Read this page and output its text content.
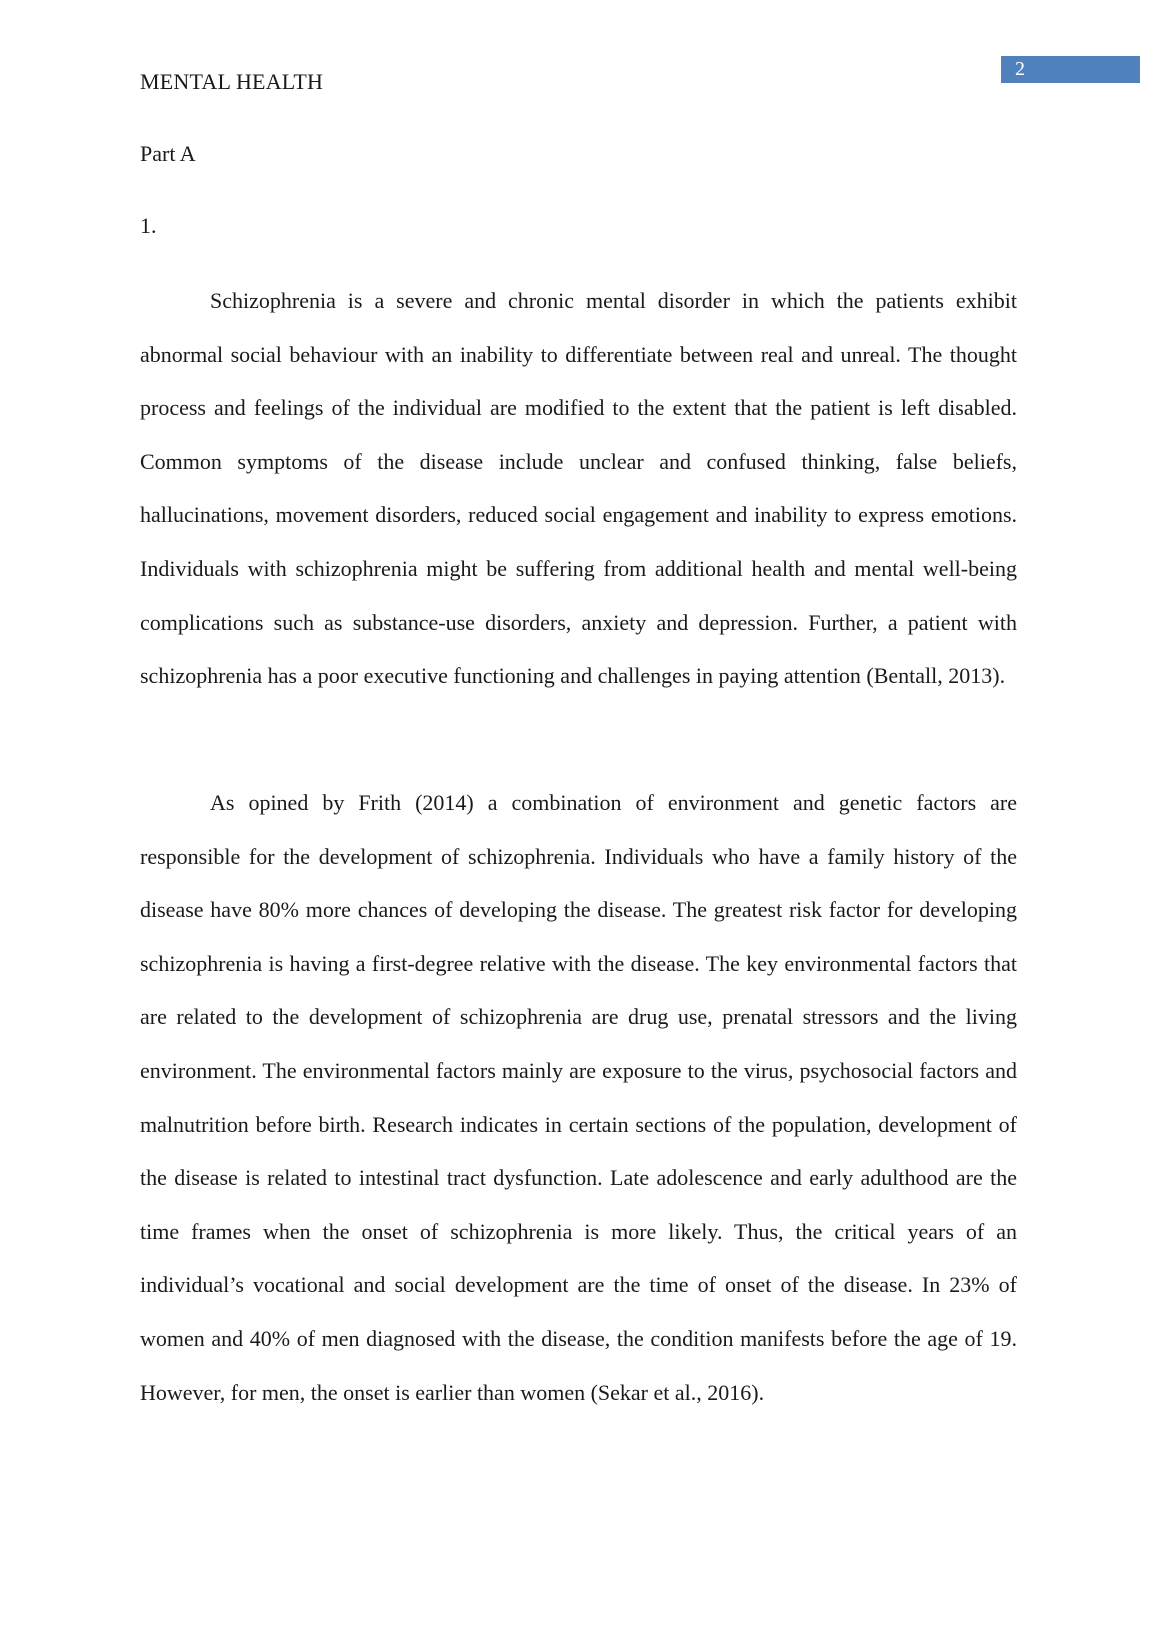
2
MENTAL HEALTH
Part A
1.

Schizophrenia is a severe and chronic mental disorder in which the patients exhibit abnormal social behaviour with an inability to differentiate between real and unreal. The thought process and feelings of the individual are modified to the extent that the patient is left disabled. Common symptoms of the disease include unclear and confused thinking, false beliefs, hallucinations, movement disorders, reduced social engagement and inability to express emotions. Individuals with schizophrenia might be suffering from additional health and mental well-being complications such as substance-use disorders, anxiety and depression. Further, a patient with schizophrenia has a poor executive functioning and challenges in paying attention (Bentall, 2013).

As opined by Frith (2014) a combination of environment and genetic factors are responsible for the development of schizophrenia. Individuals who have a family history of the disease have 80% more chances of developing the disease. The greatest risk factor for developing schizophrenia is having a first-degree relative with the disease. The key environmental factors that are related to the development of schizophrenia are drug use, prenatal stressors and the living environment. The environmental factors mainly are exposure to the virus, psychosocial factors and malnutrition before birth. Research indicates in certain sections of the population, development of the disease is related to intestinal tract dysfunction. Late adolescence and early adulthood are the time frames when the onset of schizophrenia is more likely. Thus, the critical years of an individual’s vocational and social development are the time of onset of the disease. In 23% of women and 40% of men diagnosed with the disease, the condition manifests before the age of 19. However, for men, the onset is earlier than women (Sekar et al., 2016).
